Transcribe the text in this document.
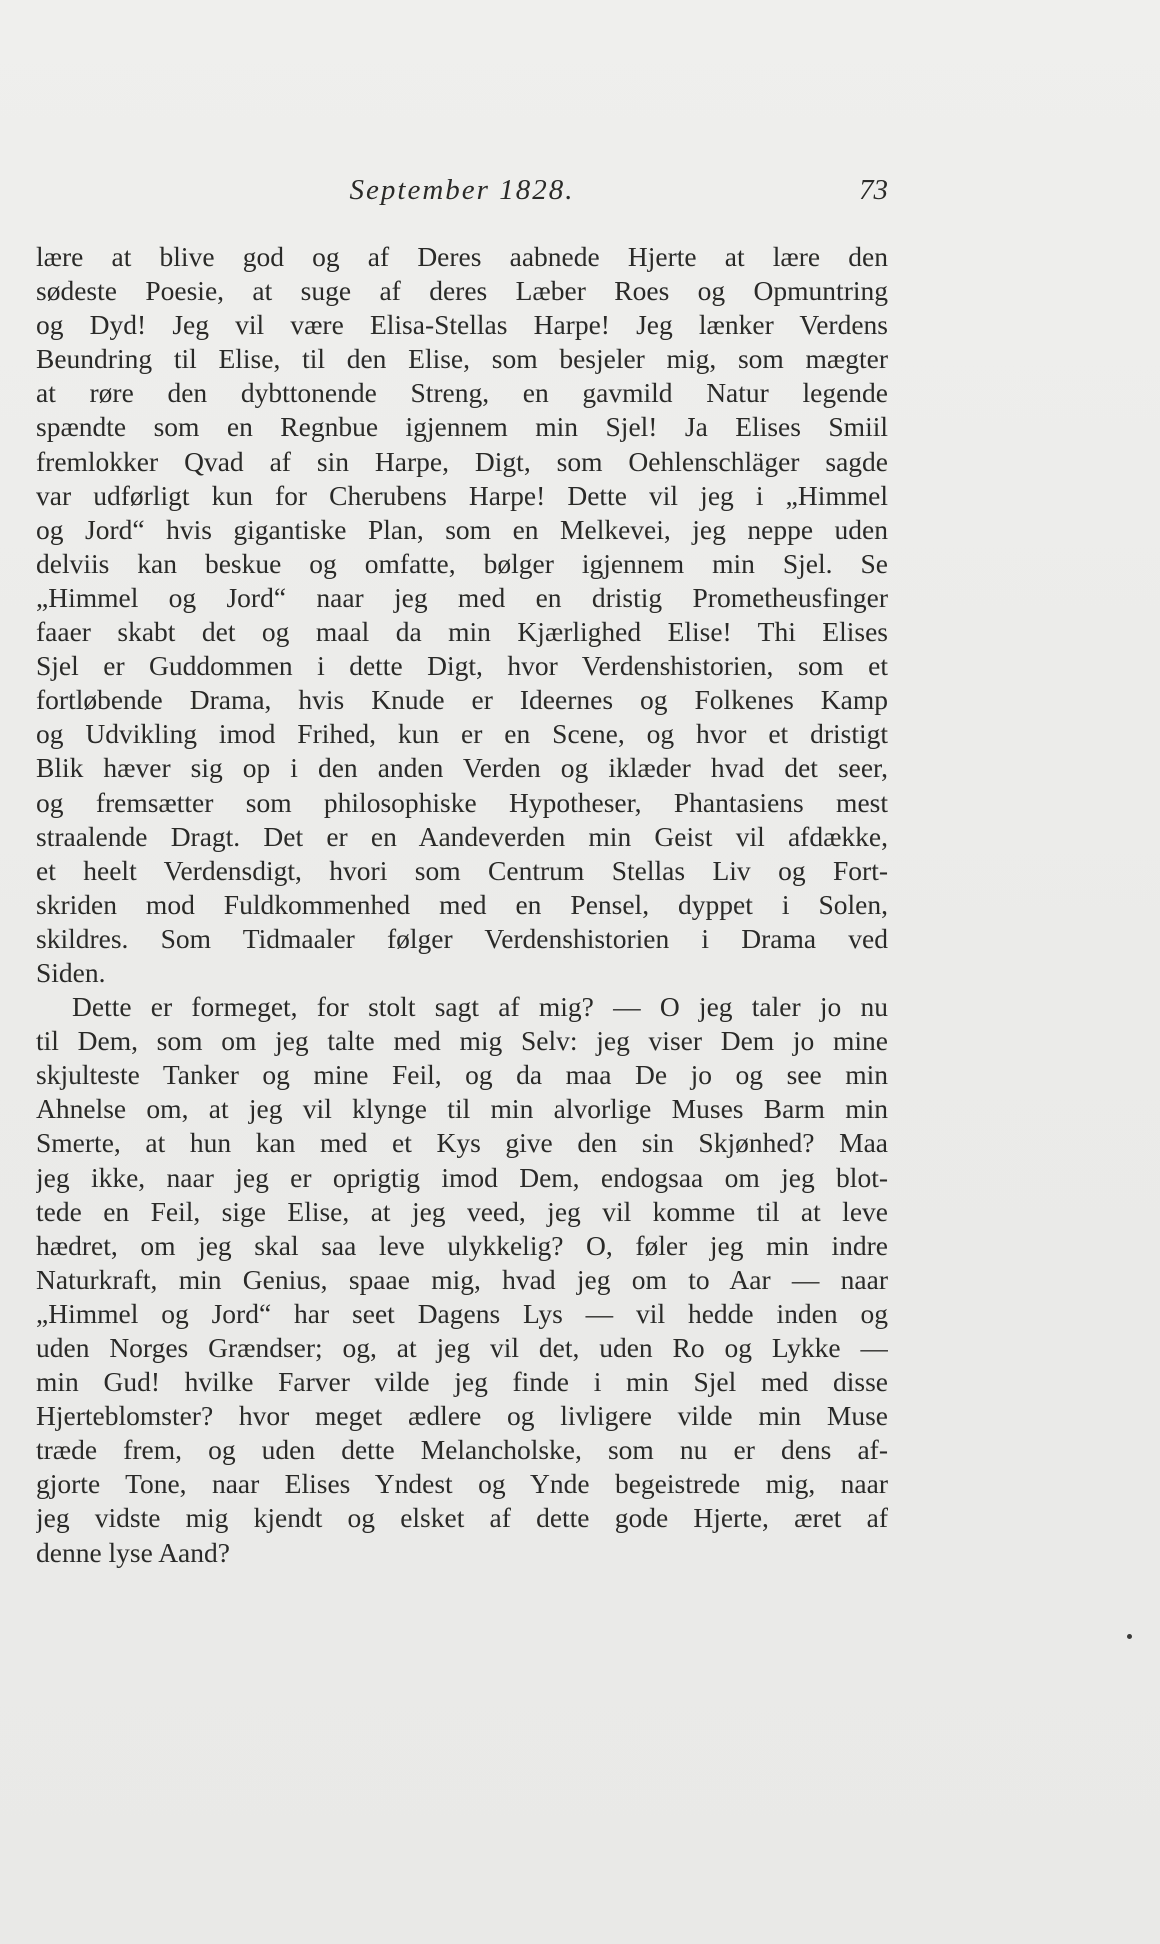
September 1828.	73
lære at blive god og af Deres aabnede Hjerte at lære den
sødeste Poesie, at suge af deres Læber Roes og Opmuntring
og Dyd! Jeg vil være Elisa-Stellas Harpe! Jeg lænker Verdens
Beundring til Elise, til den Elise, som besjeler mig, som mægter
at røre den dybttonende Streng, en gavmild Natur legende
spændte som en Regnbue igjennem min Sjel! Ja Elises Smiil
fremlokker Qvad af sin Harpe, Digt, som Oehlenschläger sagde
var udførligt kun for Cherubens Harpe! Dette vil jeg i „Himmel
og Jord“ hvis gigantiske Plan, som en Melkevei, jeg neppe uden
delviis kan beskue og omfatte, bølger igjennem min Sjel. Se
„Himmel og Jord“ naar jeg med en dristig Prometheusfinger
faaer skabt det og maal da min Kjærlighed Elise! Thi Elises
Sjel er Guddommen i dette Digt, hvor Verdenshistorien, som et
fortløbende Drama, hvis Knude er Ideernes og Folkenes Kamp
og Udvikling imod Frihed, kun er en Scene, og hvor et dristigt
Blik hæver sig op i den anden Verden og iklæder hvad det seer,
og fremsætter som philosophiske Hypotheser, Phantasiens mest
straalende Dragt. Det er en Aandeverden min Geist vil afdække,
et heelt Verdensdigt, hvori som Centrum Stellas Liv og Fort-
skriden mod Fuldkommenhed med en Pensel, dyppet i Solen,
skildres. Som Tidmaaler følger Verdenshistorien i Drama ved
Siden.
Dette er formeget, for stolt sagt af mig? — O jeg taler jo nu
til Dem, som om jeg talte med mig Selv: jeg viser Dem jo mine
skjulteste Tanker og mine Feil, og da maa De jo og see min
Ahnelse om, at jeg vil klynge til min alvorlige Muses Barm min
Smerte, at hun kan med et Kys give den sin Skjønhed? Maa
jeg ikke, naar jeg er oprigtig imod Dem, endogsaa om jeg blot-
tede en Feil, sige Elise, at jeg veed, jeg vil komme til at leve
hædret, om jeg skal saa leve ulykkelig? O, føler jeg min indre
Naturkraft, min Genius, spaae mig, hvad jeg om to Aar — naar
„Himmel og Jord“ har seet Dagens Lys — vil hedde inden og
uden Norges Grændser; og, at jeg vil det, uden Ro og Lykke —
min Gud! hvilke Farver vilde jeg finde i min Sjel med disse
Hjerteblomster? hvor meget ædlere og livligere vilde min Muse
træde frem, og uden dette Melancholske, som nu er dens af-
gjorte Tone, naar Elises Yndest og Ynde begeistrede mig, naar
jeg vidste mig kjendt og elsket af dette gode Hjerte, æret af
denne lyse Aand?
